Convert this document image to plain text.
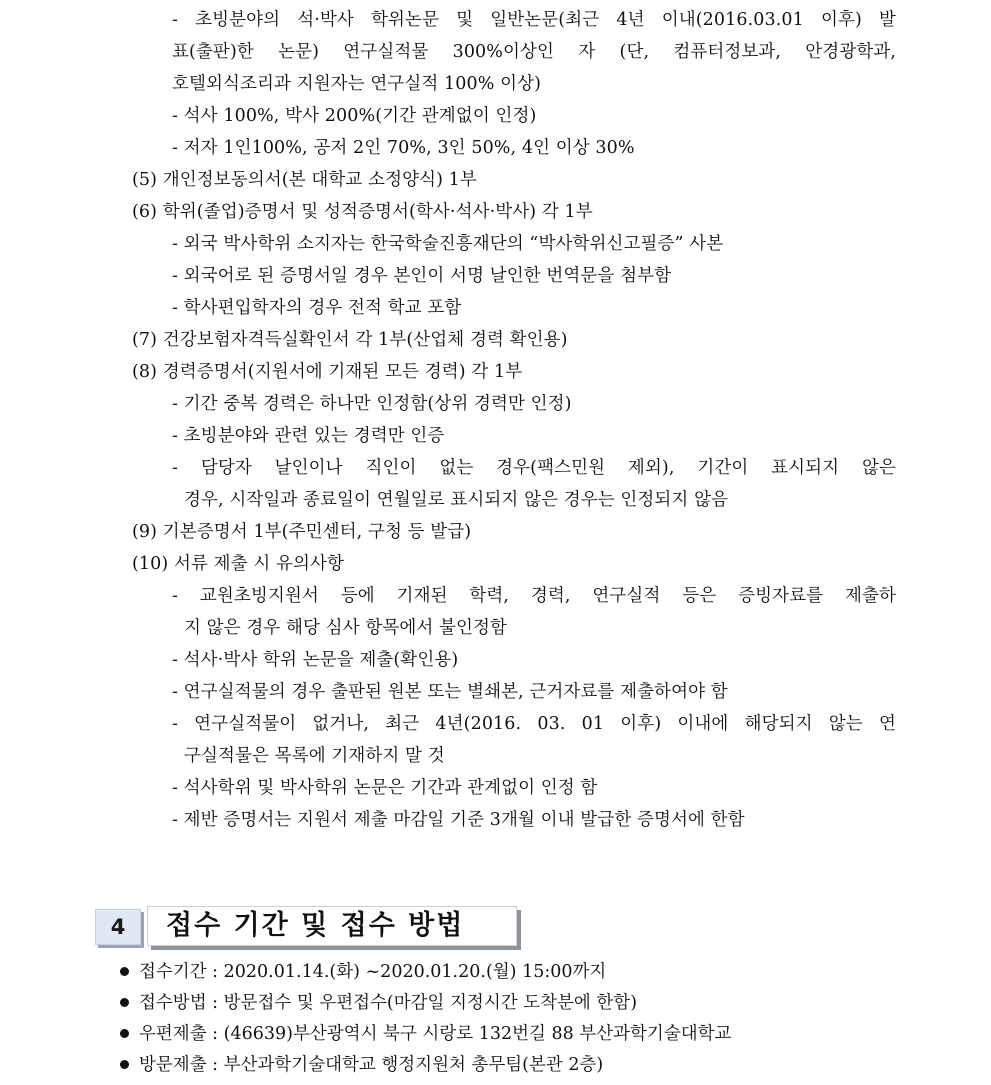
- 초빙분야의 석·박사 학위논문 및 일반논문(최근 4년 이내(2016.03.01 이후) 발
표(출판)한 논문) 연구실적물 300%이상인 자 (단, 컴퓨터정보과, 안경광학과,
호텔외식조리과 지원자는 연구실적 100% 이상)
- 석사 100%, 박사 200%(기간 관계없이 인정)
- 저자 1인100%, 공저 2인 70%, 3인 50%, 4인 이상 30%
(5) 개인정보동의서(본 대학교 소정양식) 1부
(6) 학위(졸업)증명서 및 성적증명서(학사·석사·박사) 각 1부
- 외국 박사학위 소지자는 한국학술진흥재단의 “박사학위신고필증” 사본
- 외국어로 된 증명서일 경우 본인이 서명 날인한 번역문을 첨부함
- 학사편입학자의 경우 전적 학교 포함
(7) 건강보험자격득실확인서 각 1부(산업체 경력 확인용)
(8) 경력증명서(지원서에 기재된 모든 경력) 각 1부
- 기간 중복 경력은 하나만 인정함(상위 경력만 인정)
- 초빙분야와 관련 있는 경력만 인증
- 담당자 날인이나 직인이 없는 경우(팩스민원 제외), 기간이 표시되지 않은
경우, 시작일과 종료일이 연월일로 표시되지 않은 경우는 인정되지 않음
(9) 기본증명서 1부(주민센터, 구청 등 발급)
(10) 서류 제출 시 유의사항
- 교원초빙지원서 등에 기재된 학력, 경력, 연구실적 등은 증빙자료를 제출하
지 않은 경우 해당 심사 항목에서 불인정함
- 석사·박사 학위 논문을 제출(확인용)
- 연구실적물의 경우 출판된 원본 또는 별쇄본, 근거자료를 제출하여야 함
- 연구실적물이 없거나, 최근 4년(2016. 03. 01 이후) 이내에 해당되지 않는 연
구실적물은 목록에 기재하지 말 것
- 석사학위 및 박사학위 논문은 기간과 관계없이 인정 함
- 제반 증명서는 지원서 제출 마감일 기준 3개월 이내 발급한 증명서에 한함
4	접수 기간 및 접수 방법
접수기간 : 2020.01.14.(화) ~2020.01.20.(월) 15:00까지
접수방법 : 방문접수 및 우편접수(마감일 지정시간 도착분에 한함)
우편제출 : (46639)부산광역시 북구 시랑로 132번길 88 부산과학기술대학교
방문제출 : 부산과학기술대학교 행정지원처 총무팀(본관 2층)
